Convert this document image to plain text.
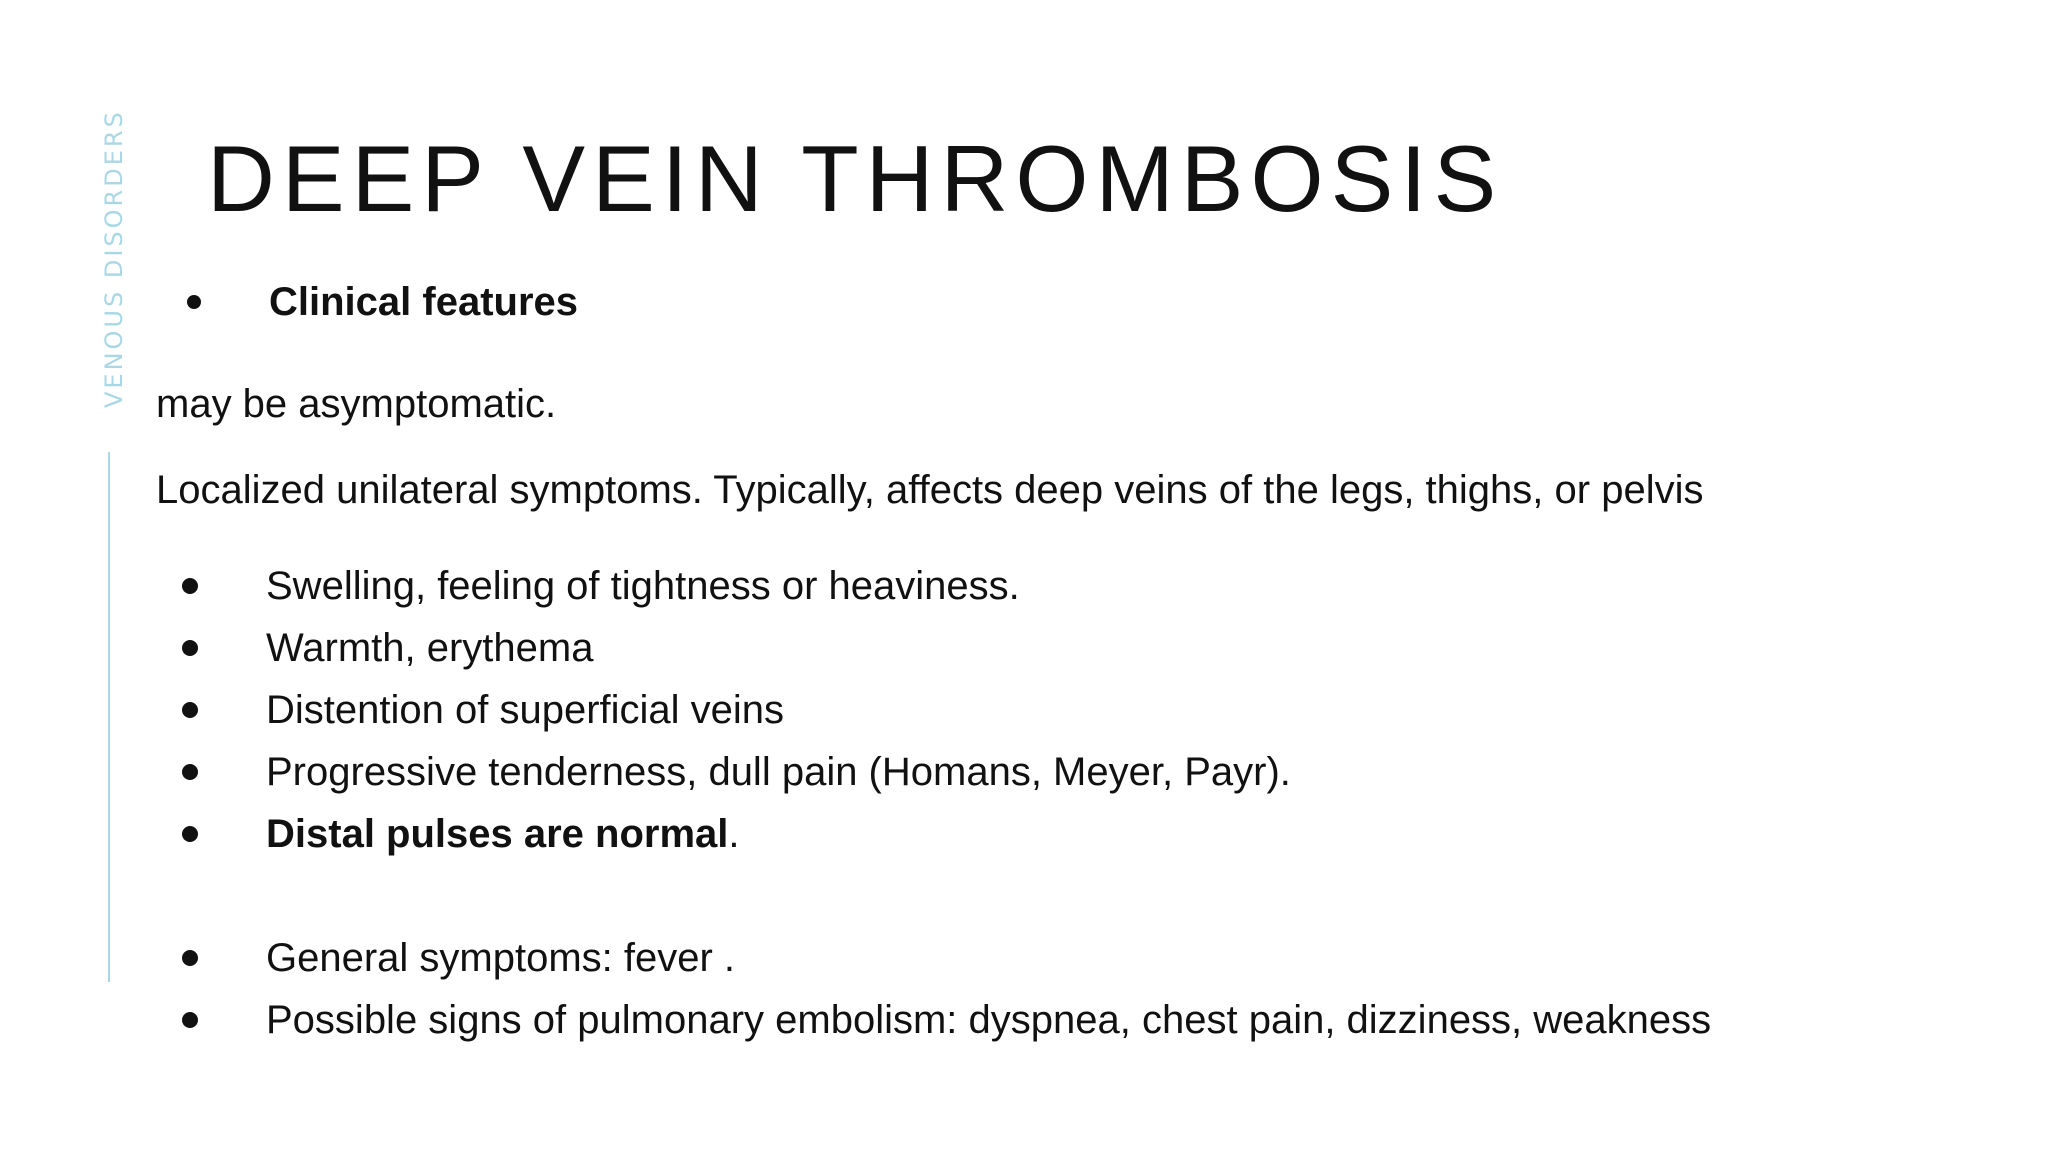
VENOUS DISORDERS DEEP VEIN THROMBOSIS
Clinical features
may be asymptomatic.
Localized unilateral symptoms. Typically, affects deep veins of the legs, thighs, or pelvis
Swelling, feeling of tightness or heaviness.
Warmth, erythema
Distention of superficial veins
Progressive tenderness, dull pain (Homans, Meyer, Payr).
Distal pulses are normal.
General symptoms: fever .
Possible signs of pulmonary embolism: dyspnea, chest pain, dizziness, weakness
